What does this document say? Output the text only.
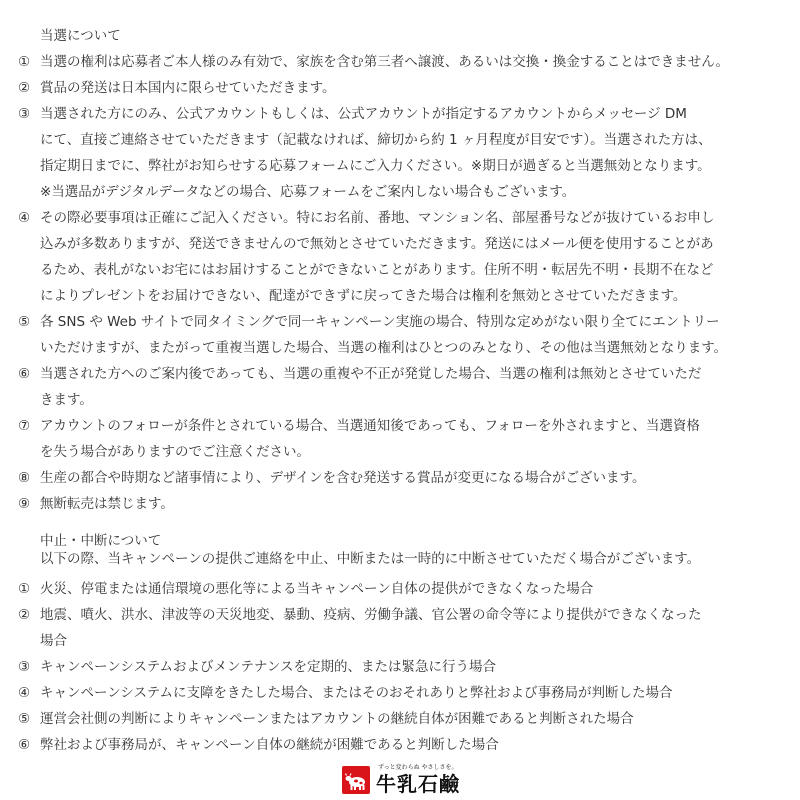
当選について
① 当選の権利は応募者ご本人様のみ有効で、家族を含む第三者へ譲渡、あるいは交換・換金することはできません。
② 賞品の発送は日本国内に限らせていただきます。
③ 当選された方にのみ、公式アカウントもしくは、公式アカウントが指定するアカウントからメッセージ DM
にて、直接ご連絡させていただきます（記載なければ、締切から約 1 ヶ月程度が目安です）。当選された方は、
指定期日までに、弊社がお知らせする応募フォームにご入力ください。※期日が過ぎると当選無効となります。
※当選品がデジタルデータなどの場合、応募フォームをご案内しない場合もございます。
④ その際必要事項は正確にご記入ください。特にお名前、番地、マンション名、部屋番号などが抜けているお申し
込みが多数ありますが、発送できませんので無効とさせていただきます。発送にはメール便を使用することがあ
るため、表札がないお宅にはお届けすることができないことがあります。住所不明・転居先不明・長期不在など
によりプレゼントをお届けできない、配達ができずに戻ってきた場合は権利を無効とさせていただきます。
⑤ 各 SNS や Web サイトで同タイミングで同一キャンペーン実施の場合、特別な定めがない限り全てにエントリー
いただけますが、またがって重複当選した場合、当選の権利はひとつのみとなり、その他は当選無効となります。
⑥ 当選された方へのご案内後であっても、当選の重複や不正が発覚した場合、当選の権利は無効とさせていただ
きます。
⑦ アカウントのフォローが条件とされている場合、当選通知後であっても、フォローを外されますと、当選資格
を失う場合がありますのでご注意ください。
⑧ 生産の都合や時期など諸事情により、デザインを含む発送する賞品が変更になる場合がございます。
⑨ 無断転売は禁じます。
中止・中断について
以下の際、当キャンペーンの提供ご連絡を中止、中断または一時的に中断させていただく場合がございます。
① 火災、停電または通信環境の悪化等による当キャンペーン自体の提供ができなくなった場合
② 地震、噴火、洪水、津波等の天災地変、暴動、疫病、労働争議、官公署の命令等により提供ができなくなった
場合
③ キャンペーンシステムおよびメンテナンスを定期的、または緊急に行う場合
④ キャンペーンシステムに支障をきたした場合、またはそのおそれありと弊社および事務局が判断した場合
⑤ 運営会社側の判断によりキャンペーンまたはアカウントの継続自体が困難であると判断された場合
⑥ 弊社および事務局が、キャンペーン自体の継続が困難であると判断した場合
ずっと変わらぬ やさしさを。
牛乳石鹼
